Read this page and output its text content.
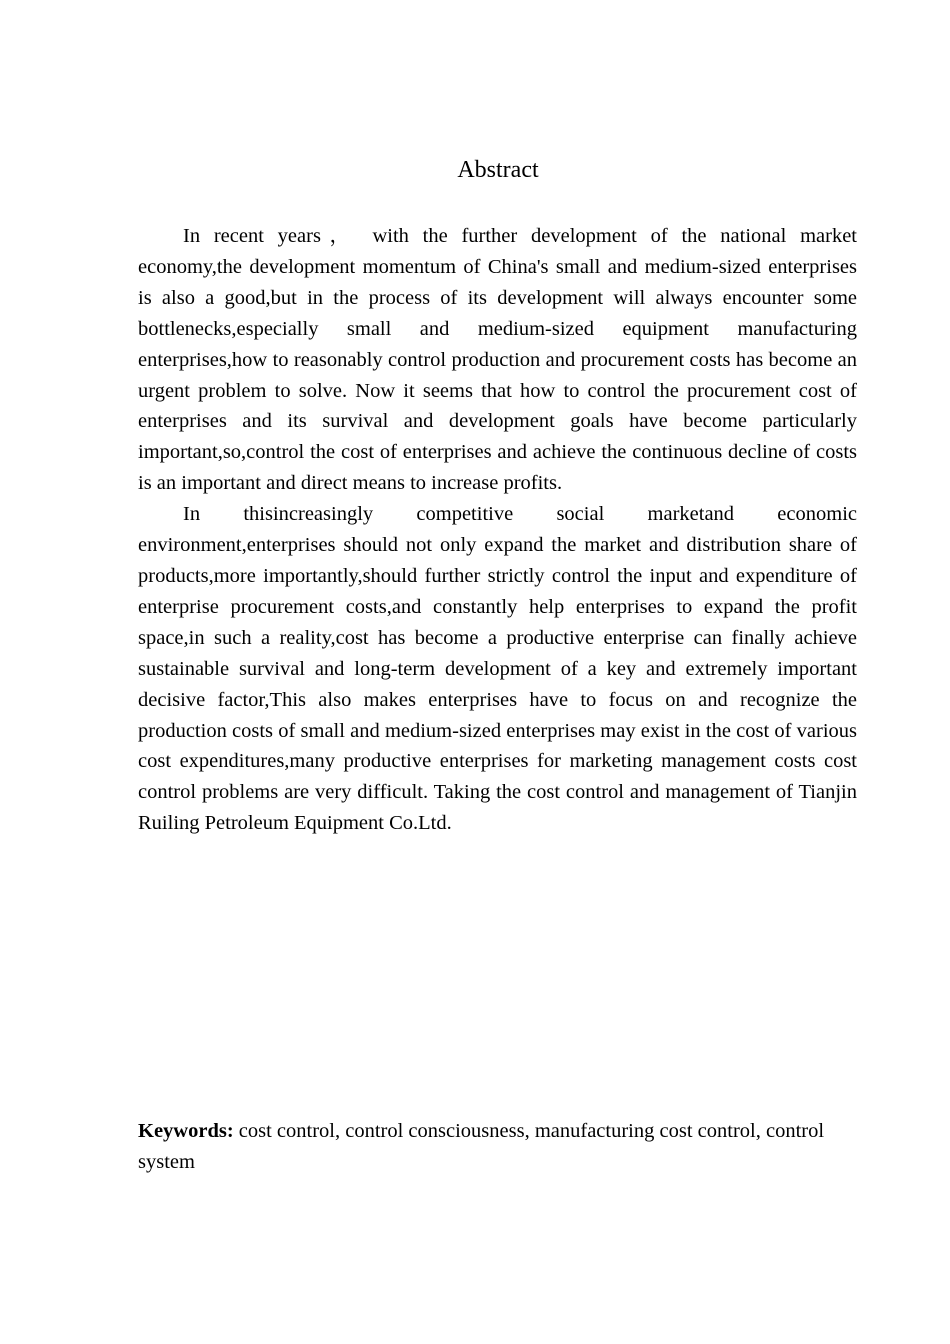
Abstract

In recent years， with the further development of the national market economy,the development momentum of China's small and medium-sized enterprises is also a good,but in the process of its development will always encounter some bottlenecks,especially small and medium-sized equipment manufacturing enterprises,how to reasonably control production and procurement costs has become an urgent problem to solve. Now it seems that how to control the procurement cost of enterprises and its survival and development goals have become particularly important,so,control the cost of enterprises and achieve the continuous decline of costs is an important and direct means to increase profits.

In thisincreasingly competitive social marketand economic environment,enterprises should not only expand the market and distribution share of products,more importantly,should further strictly control the input and expenditure of enterprise procurement costs,and constantly help enterprises to expand the profit space,in such a reality,cost has become a productive enterprise can finally achieve sustainable survival and long-term development of a key and extremely important decisive factor,This also makes enterprises have to focus on and recognize the production costs of small and medium-sized enterprises may exist in the cost of various cost expenditures,many productive enterprises for marketing management costs cost control problems are very difficult. Taking the cost control and management of Tianjin Ruiling Petroleum Equipment Co.Ltd.

Keywords: cost control, control consciousness, manufacturing cost control, control system
